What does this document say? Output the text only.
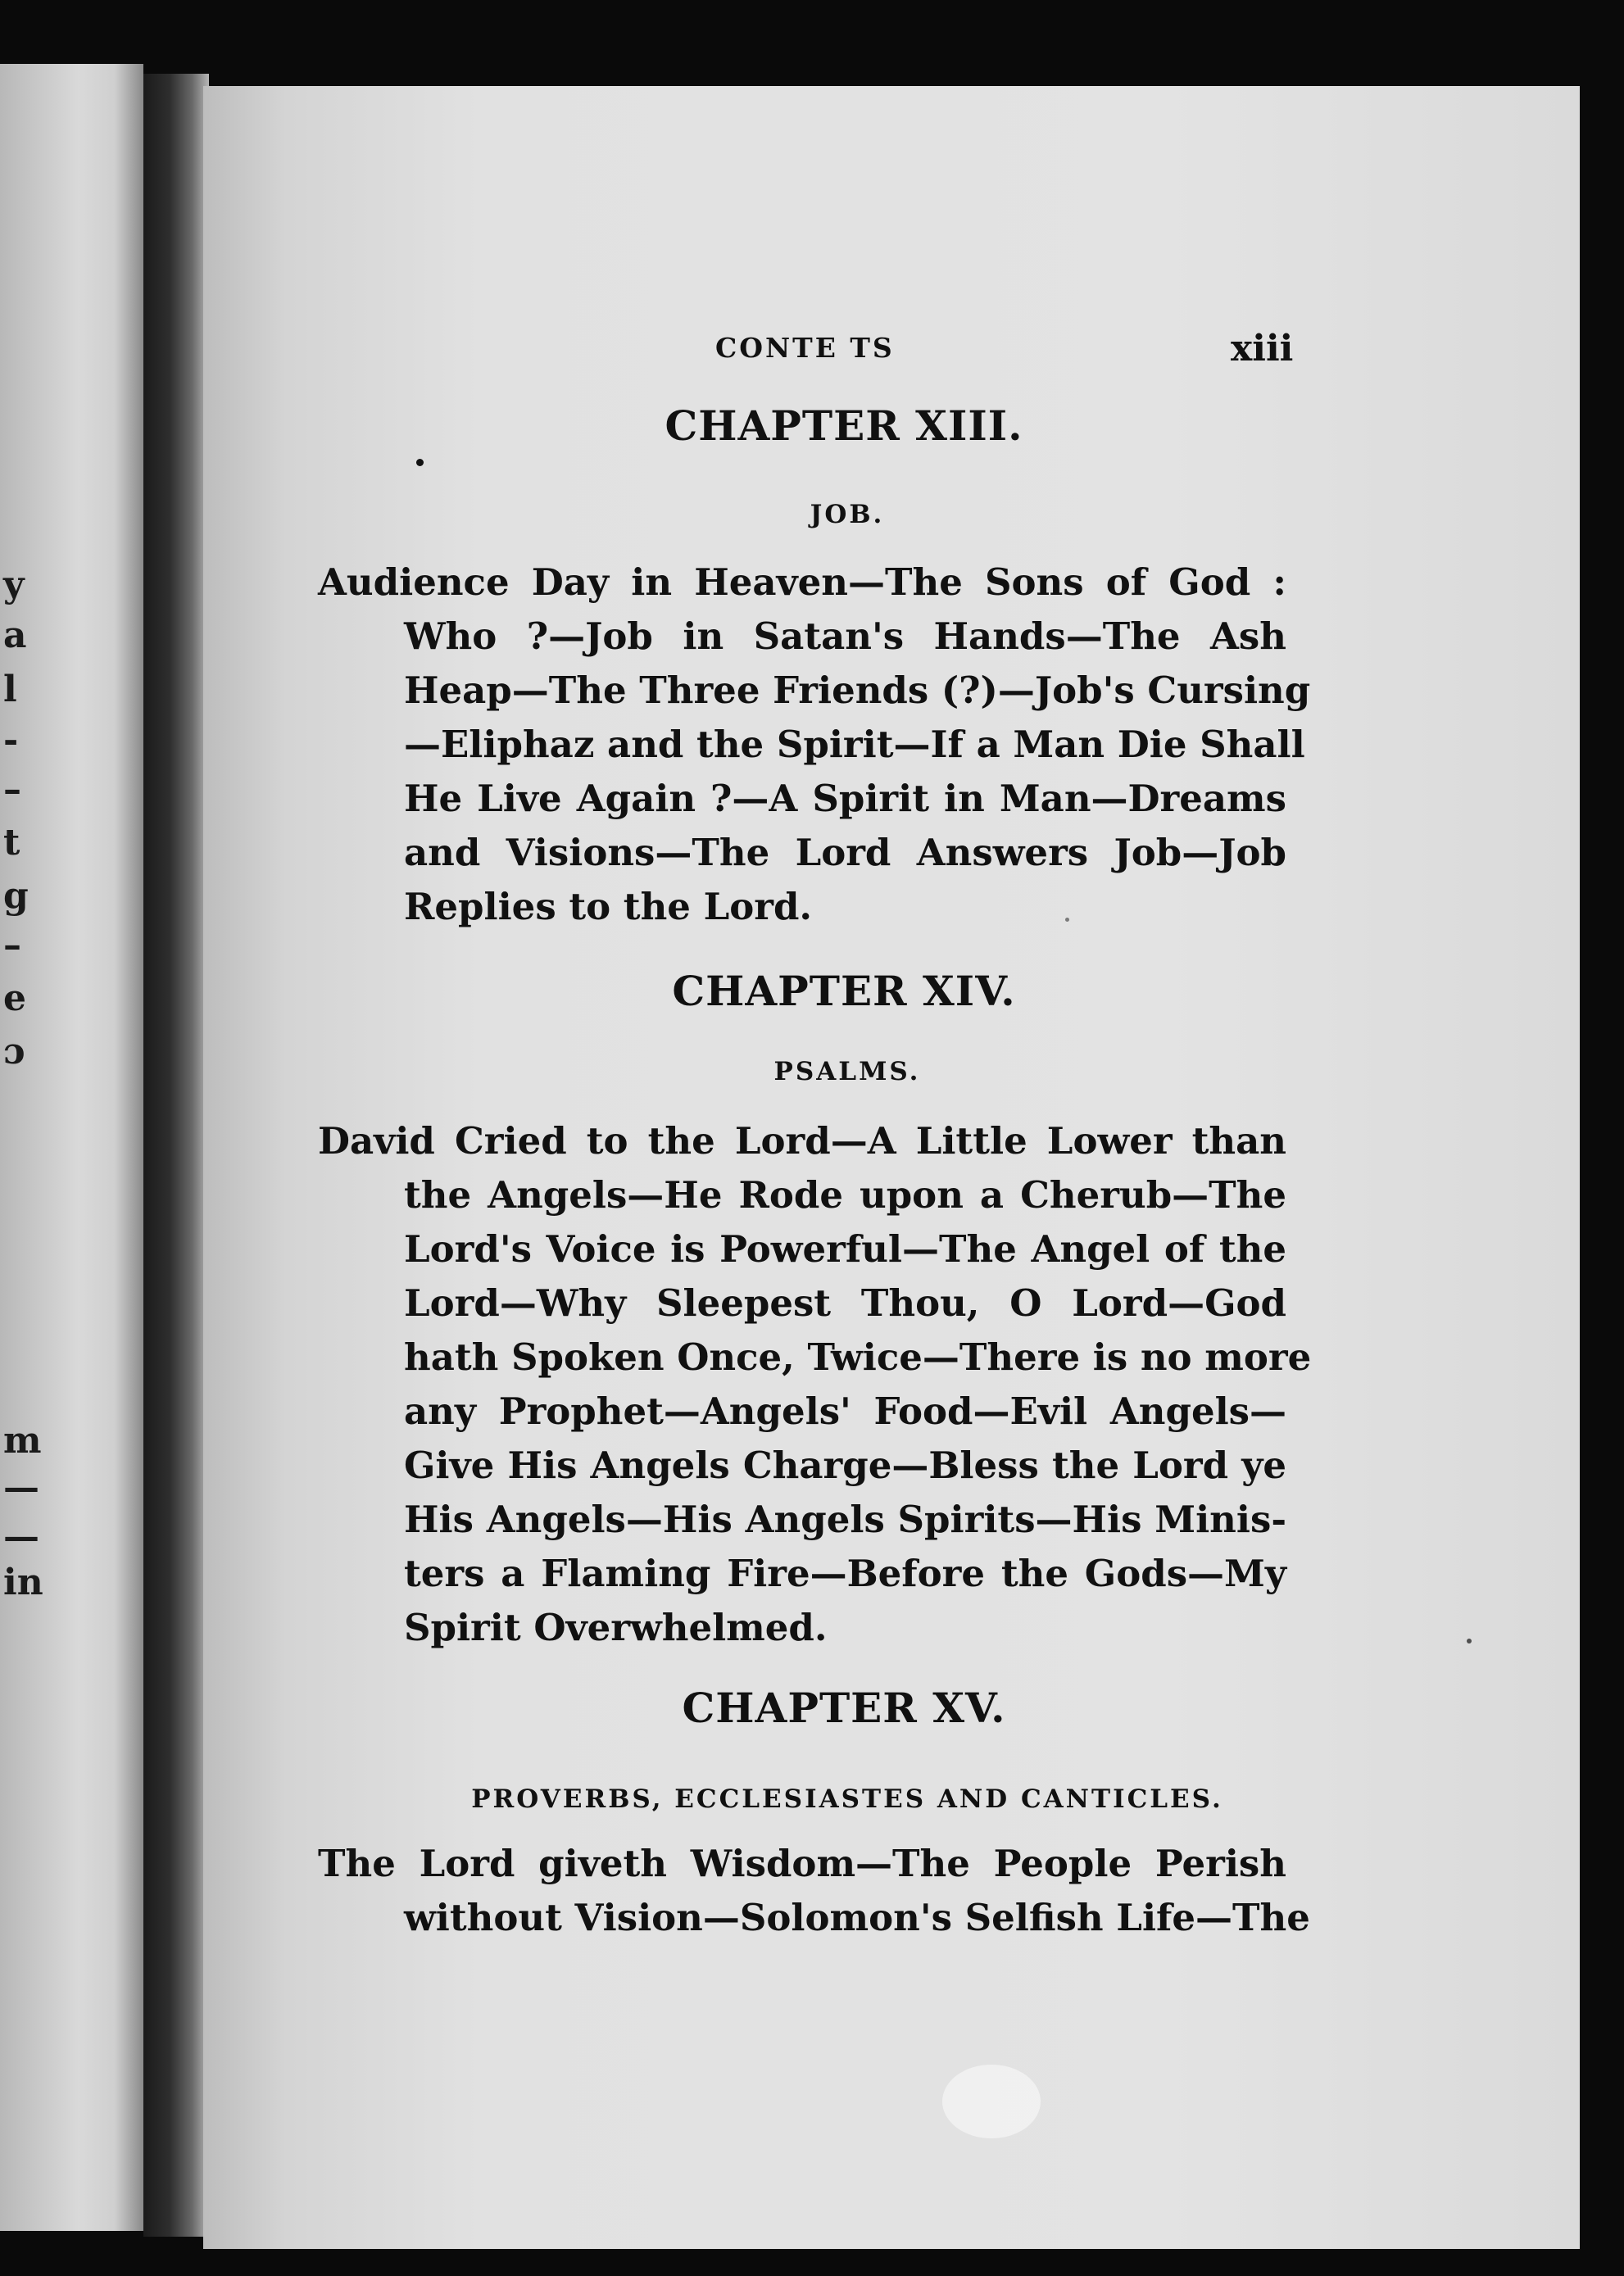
y
a
l
-
–
t
g
–
e
ɔ
m
—
—
in
CONTE TS	xiii
CHAPTER XIII.
JOB.
Audience Day in Heaven—The Sons of God :
Who ?—Job in Satan's Hands—The Ash
Heap—The Three Friends (?)—Job's Cursing
—Eliphaz and the Spirit—If a Man Die Shall
He Live Again ?—A Spirit in Man—Dreams
and Visions—The Lord Answers Job—Job
Replies to the Lord.
CHAPTER XIV.
PSALMS.
David Cried to the Lord—A Little Lower than
the Angels—He Rode upon a Cherub—The
Lord's Voice is Powerful—The Angel of the
Lord—Why Sleepest Thou, O Lord—God
hath Spoken Once, Twice—There is no more
any Prophet—Angels' Food—Evil Angels—
Give His Angels Charge—Bless the Lord ye
His Angels—His Angels Spirits—His Minis-
ters a Flaming Fire—Before the Gods—My
Spirit Overwhelmed.
CHAPTER XV.
PROVERBS, ECCLESIASTES AND CANTICLES.
The Lord giveth Wisdom—The People Perish
without Vision—Solomon's Selfish Life—The
